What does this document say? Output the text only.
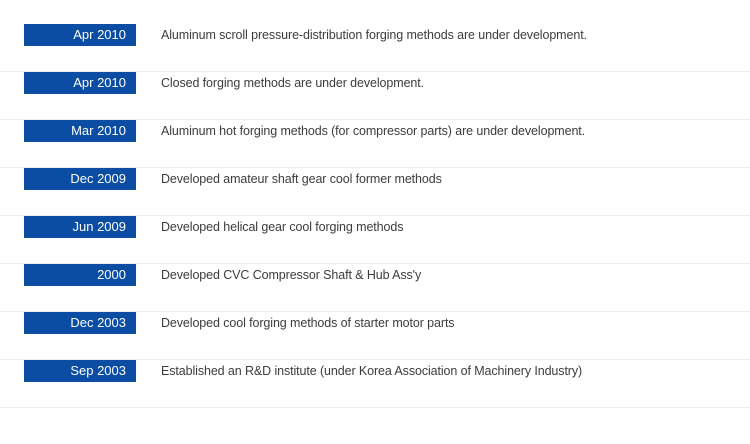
Apr 2010	Aluminum scroll pressure-distribution forging methods are under development.
Apr 2010	Closed forging methods are under development.
Mar 2010	Aluminum hot forging methods (for compressor parts) are under development.
Dec 2009	Developed amateur shaft gear cool former methods
Jun 2009	Developed helical gear cool forging methods
2000	Developed CVC Compressor Shaft & Hub Ass'y
Dec 2003	Developed cool forging methods of starter motor parts
Sep 2003	Established an R&D institute (under Korea Association of Machinery Industry)
